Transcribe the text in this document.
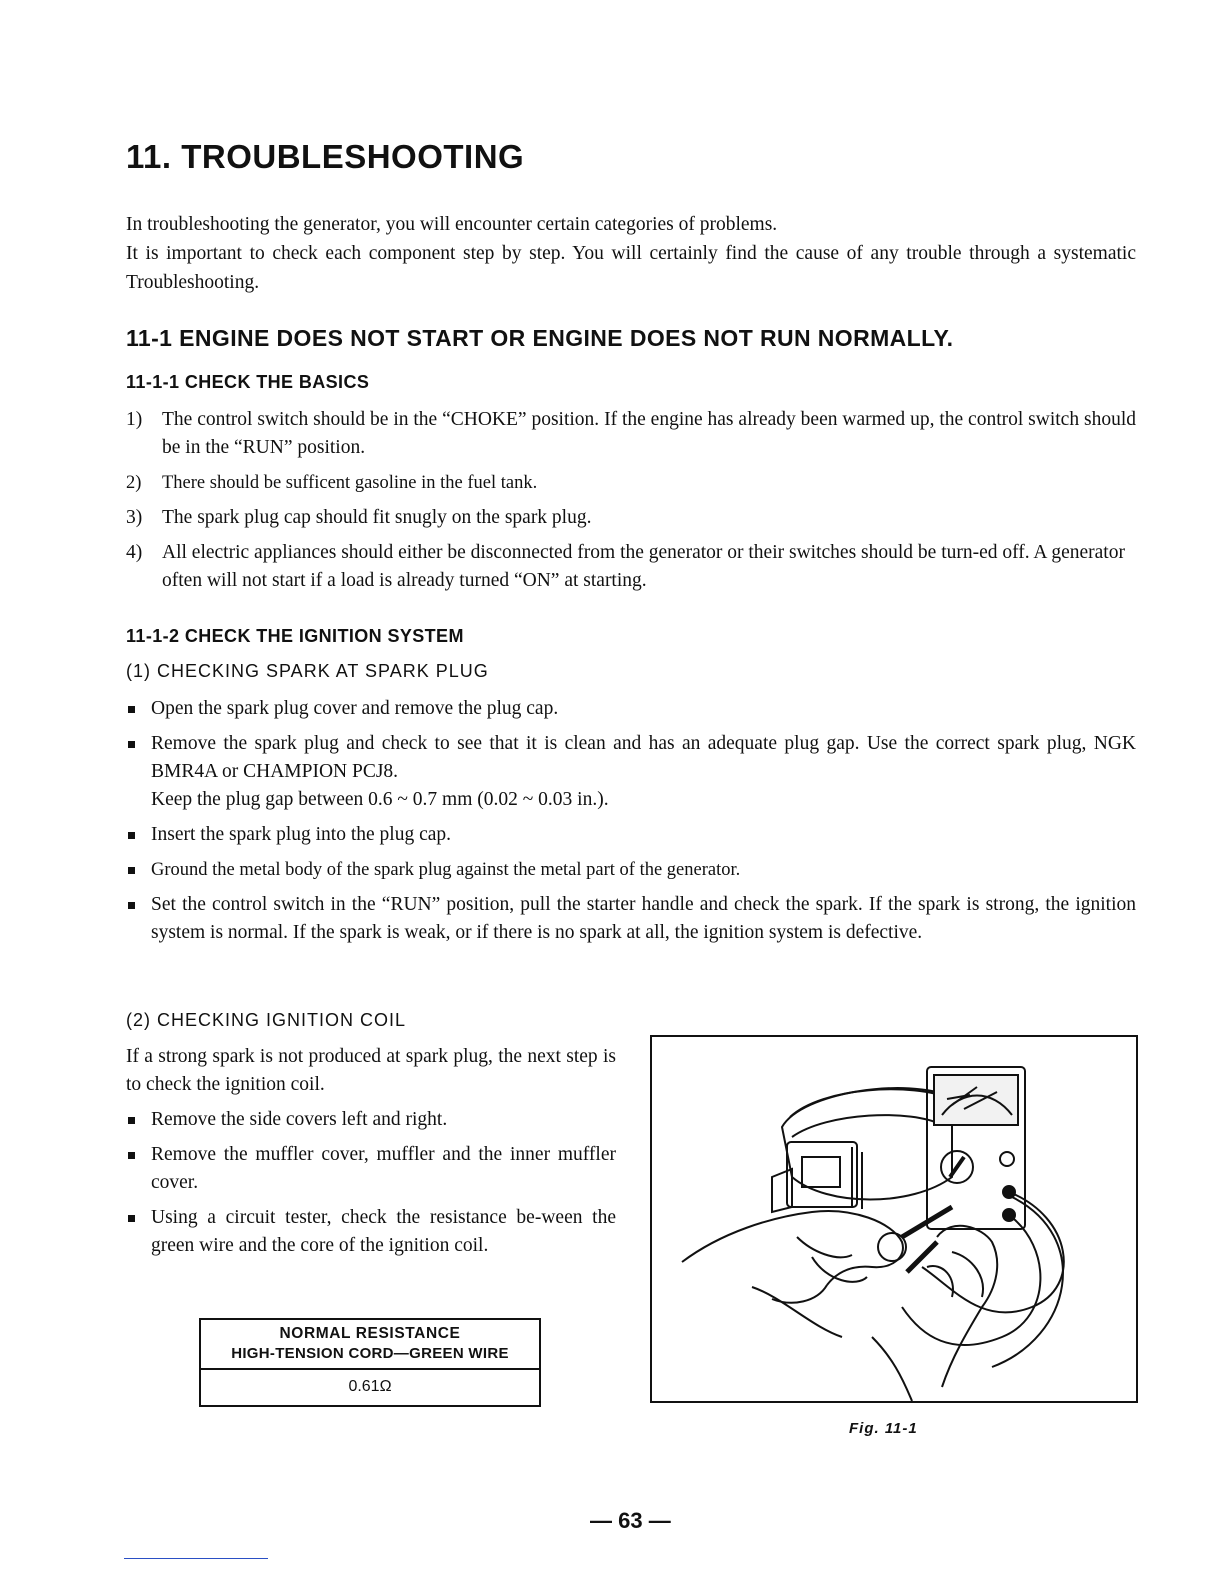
11. TROUBLESHOOTING
In troubleshooting the generator, you will encounter certain categories of problems.
It is important to check each component step by step. You will certainly find the cause of any trouble through a systematic Troubleshooting.
11-1 ENGINE DOES NOT START OR ENGINE DOES NOT RUN NORMALLY.
11-1-1 CHECK THE BASICS
1) The control switch should be in the “CHOKE” position. If the engine has already been warmed up, the control switch should be in the “RUN” position.
2) There should be sufficent gasoline in the fuel tank.
3) The spark plug cap should fit snugly on the spark plug.
4) All electric appliances should either be disconnected from the generator or their switches should be turn-ed off. A generator often will not start if a load is already turned “ON” at starting.
11-1-2 CHECK THE IGNITION SYSTEM
(1) CHECKING SPARK AT SPARK PLUG
Open the spark plug cover and remove the plug cap.
Remove the spark plug and check to see that it is clean and has an adequate plug gap. Use the correct spark plug, NGK BMR4A or CHAMPION PCJ8.
Keep the plug gap between 0.6 ~ 0.7 mm (0.02 ~ 0.03 in.).
Insert the spark plug into the plug cap.
Ground the metal body of the spark plug against the metal part of the generator.
Set the control switch in the “RUN” position, pull the starter handle and check the spark. If the spark is strong, the ignition system is normal. If the spark is weak, or if there is no spark at all, the ignition system is defective.
(2) CHECKING IGNITION COIL
If a strong spark is not produced at spark plug, the next step is to check the ignition coil.
Remove the side covers left and right.
Remove the muffler cover, muffler and the inner muffler cover.
Using a circuit tester, check the resistance be-ween the green wire and the core of the ignition coil.
NORMAL RESISTANCE
HIGH-TENSION CORD—GREEN WIRE
0.61Ω
Fig. 11-1
— 63 —
